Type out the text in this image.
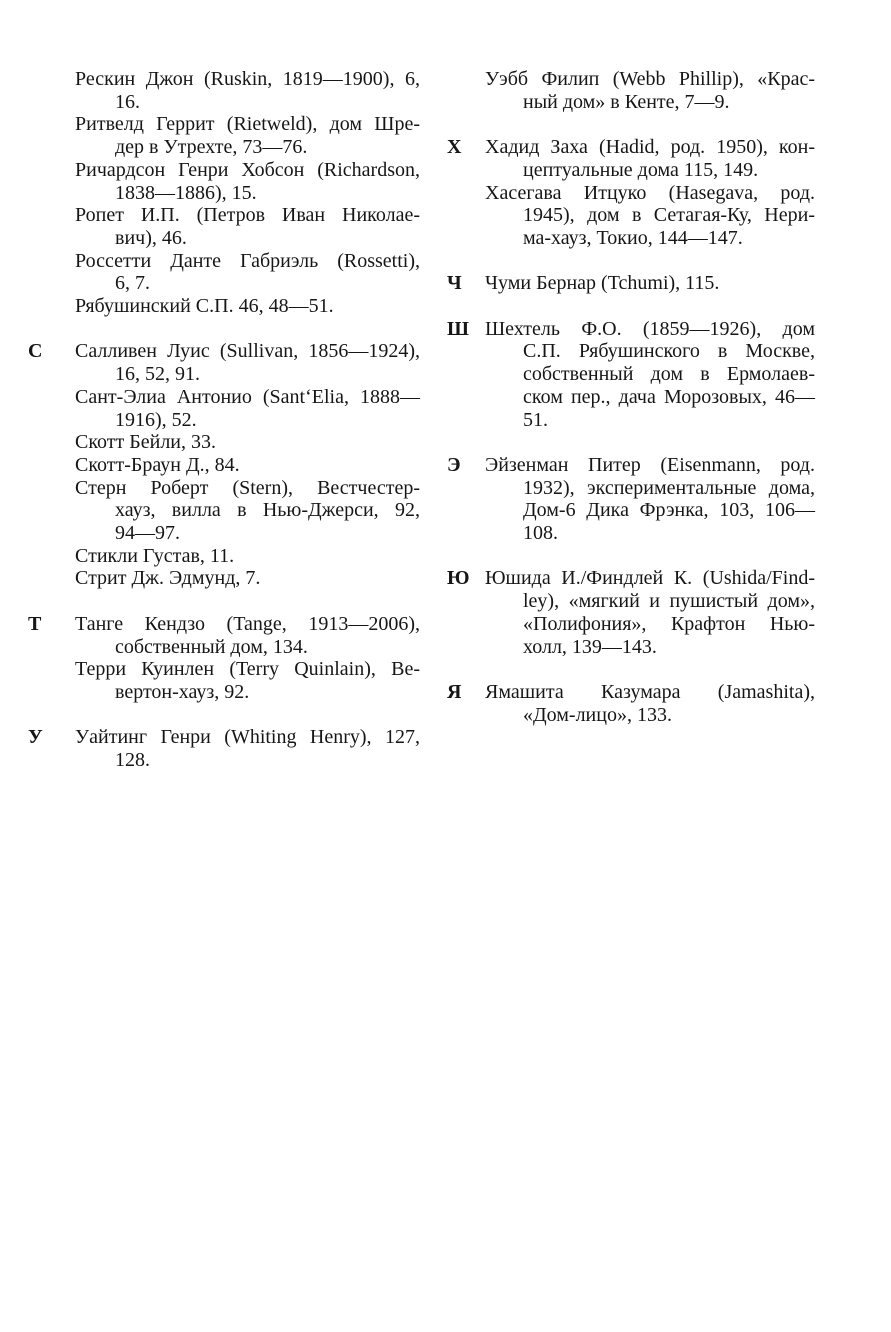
Рескин Джон (Ruskin, 1819—1900), 6,
16.
Ритвелд Геррит (Rietweld), дом Шре-
дер в Утрехте, 73—76.
Ричардсон Генри Хобсон (Richardson,
1838—1886), 15.
Ропет И.П. (Петров Иван Николае-
вич), 46.
Россетти Данте Габриэль (Rossetti),
6, 7.
Рябушинский С.П. 46, 48—51.
С	Салливен Луис (Sullivan, 1856—1924),
16, 52, 91.
Сант-Элиа Антонио (Sant‘Elia, 1888—
1916), 52.
Скотт Бейли, 33.
Скотт-Браун Д., 84.
Стерн Роберт (Stern), Вестчестер-
хауз, вилла в Нью-Джерси, 92,
94—97.
Стикли Густав, 11.
Стрит Дж. Эдмунд, 7.
Т	Танге Кендзо (Tange, 1913—2006),
собственный дом, 134.
Терри Куинлен (Terry Quinlain), Ве-
вертон-хауз, 92.
У	Уайтинг Генри (Whiting Henry), 127,
128.
Уэбб Филип (Webb Phillip), «Крас-
ный дом» в Кенте, 7—9.
Х	Хадид Заха (Hadid, род. 1950), кон-
цептуальные дома 115, 149.
Хасегава Итцуко (Hasegava, род.
1945), дом в Сетагая-Ку, Нери-
ма-хауз, Токио, 144—147.
Ч	Чуми Бернар (Tchumi), 115.
Ш Шехтель Ф.О. (1859—1926), дом
С.П. Рябушинского в Москве,
собственный дом в Ермолаев-
ском пер., дача Морозовых, 46—
51.
Э	Эйзенман Питер (Eisenmann, род.
1932), экспериментальные дома,
Дом-6 Дика Фрэнка, 103, 106—
108.
Ю Юшида И./Финдлей К. (Ushida/Find-
ley), «мягкий и пушистый дом»,
«Полифония», Крафтон Нью-
холл, 139—143.
Я	Ямашита Казумара (Jamashita),
«Дом-лицо», 133.
